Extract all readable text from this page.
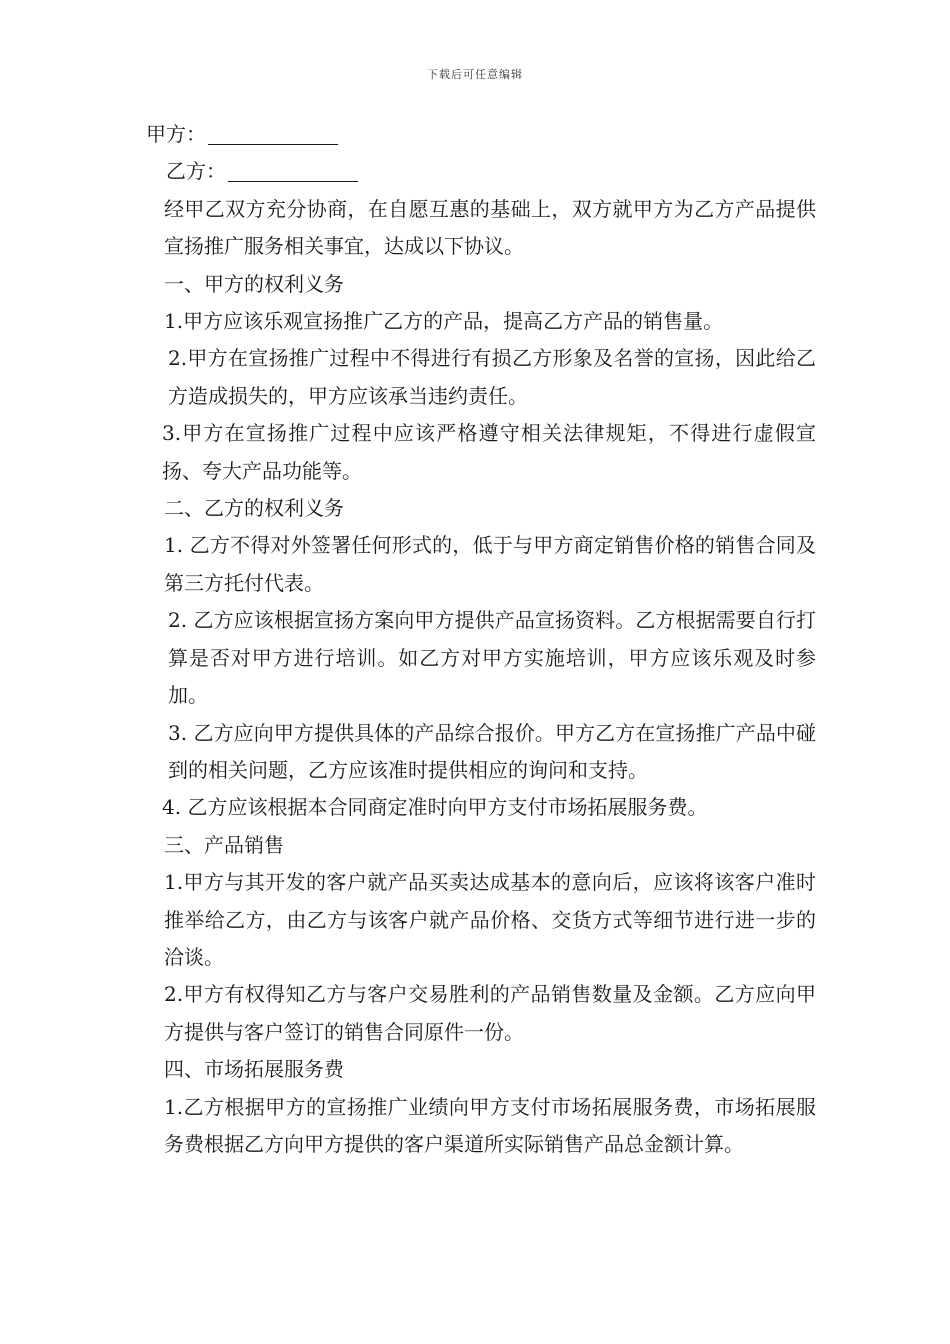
下载后可任意编辑

甲方：

乙方：

经甲乙双方充分协商，在自愿互惠的基础上，双方就甲方为乙方产品提供宣扬推广服务相关事宜，达成以下协议。

一、甲方的权利义务

1.甲方应该乐观宣扬推广乙方的产品，提高乙方产品的销售量。

2.甲方在宣扬推广过程中不得进行有损乙方形象及名誉的宣扬，因此给乙方造成损失的，甲方应该承当违约责任。

3.甲方在宣扬推广过程中应该严格遵守相关法律规矩，不得进行虚假宣扬、夸大产品功能等。

二、乙方的权利义务

1. 乙方不得对外签署任何形式的，低于与甲方商定销售价格的销售合同及第三方托付代表。

2. 乙方应该根据宣扬方案向甲方提供产品宣扬资料。乙方根据需要自行打算是否对甲方进行培训。如乙方对甲方实施培训，甲方应该乐观及时参加。

3. 乙方应向甲方提供具体的产品综合报价。甲方乙方在宣扬推广产品中碰到的相关问题，乙方应该准时提供相应的询问和支持。

4. 乙方应该根据本合同商定准时向甲方支付市场拓展服务费。

三、产品销售

1.甲方与其开发的客户就产品买卖达成基本的意向后，应该将该客户准时推举给乙方，由乙方与该客户就产品价格、交货方式等细节进行进一步的洽谈。

2.甲方有权得知乙方与客户交易胜利的产品销售数量及金额。乙方应向甲方提供与客户签订的销售合同原件一份。

四、市场拓展服务费

1.乙方根据甲方的宣扬推广业绩向甲方支付市场拓展服务费，市场拓展服务费根据乙方向甲方提供的客户渠道所实际销售产品总金额计算。
